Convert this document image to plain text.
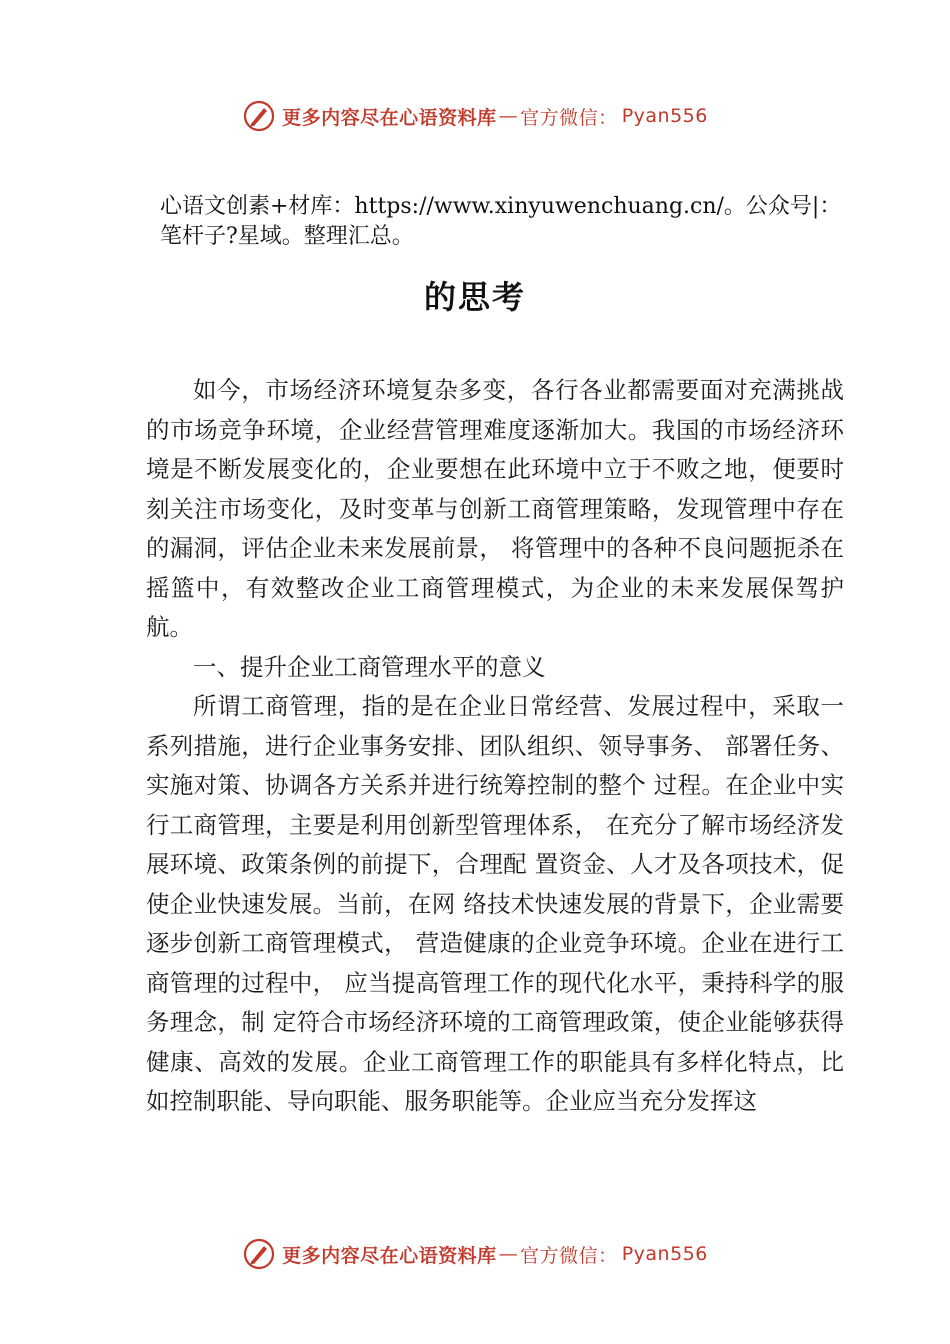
更多内容尽在心语资料库 — 官方微信： Pyan556
心语文创素+材库：https://www.xinyuwenchuang.cn/。公众号|：笔杆子?星域。整理汇总。
的思考

如今，市场经济环境复杂多变，各行各业都需要面对充满挑战的市场竞争环境，企业经营管理难度逐渐加大。我国的市场经济环境是不断发展变化的，企业要想在此环境中立于不败之地，便要时刻关注市场变化，及时变革与创新工商管理策略，发现管理中存在的漏洞，评估企业未来发展前景， 将管理中的各种不良问题扼杀在摇篮中，有效整改企业工商管理模式，为企业的未来发展保驾护航。

一、提升企业工商管理水平的意义

所谓工商管理，指的是在企业日常经营、发展过程中，采取一系列措施，进行企业事务安排、团队组织、领导事务、 部署任务、实施对策、协调各方关系并进行统筹控制的整个 过程。在企业中实行工商管理，主要是利用创新型管理体系， 在充分了解市场经济发展环境、政策条例的前提下，合理配 置资金、人才及各项技术，促使企业快速发展。当前，在网 络技术快速发展的背景下，企业需要逐步创新工商管理模式， 营造健康的企业竞争环境。企业在进行工商管理的过程中， 应当提高管理工作的现代化水平，秉持科学的服务理念，制 定符合市场经济环境的工商管理政策，使企业能够获得健康、高效的发展。企业工商管理工作的职能具有多样化特点，比 如控制职能、导向职能、服务职能等。企业应当充分发挥这

更多内容尽在心语资料库 — 官方微信： Pyan556
